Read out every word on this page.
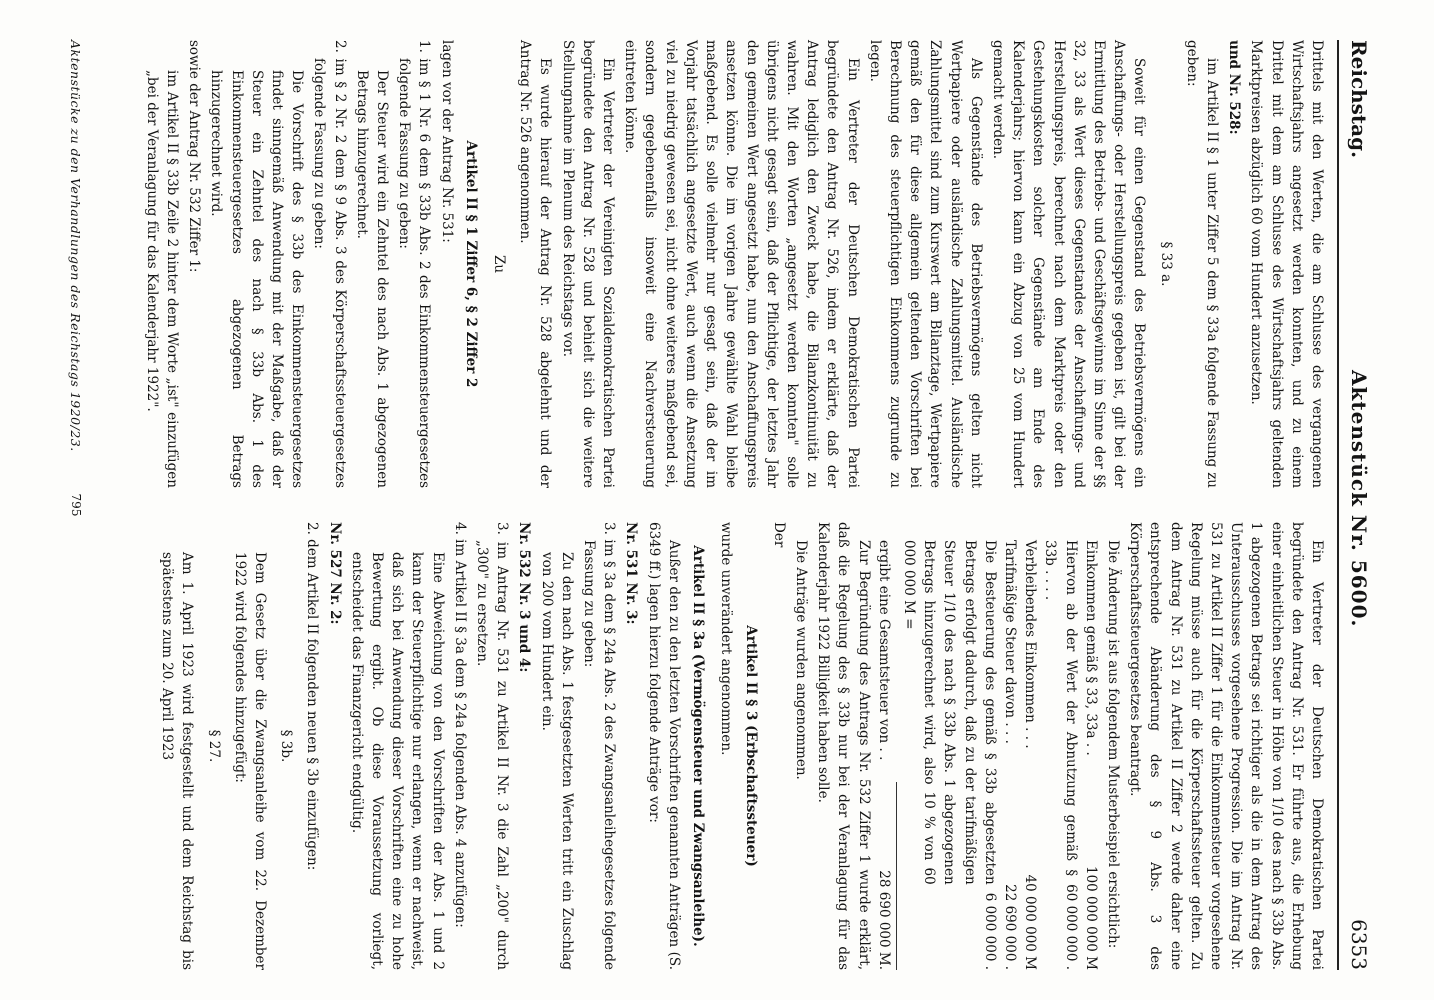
Reichstag.
Aktenstück Nr. 5600.
6353

Drittels mit den Werten, die am Schlusse des vergangenen Wirtschaftsjahrs angesetzt werden konnten, und zu einem Drittel mit dem am Schlusse des Wirtschaftsjahrs geltenden Marktpreisen abzüglich 60 vom Hundert anzusetzen.

und Nr. 528:

im Artikel II § 1 unter Ziffer 5 dem § 33a folgende Fassung zu geben:

§ 33 a.

Soweit für einen Gegenstand des Betriebsvermögens ein Anschaffungs- oder Herstellungspreis gegeben ist, gilt bei der Ermittlung des Betriebs- und Geschäftsgewinns im Sinne der §§ 32, 33 als Wert dieses Gegenstandes der Anschaffungs- und Herstellungspreis, berechnet nach dem Marktpreis oder den Gestehungskosten solcher Gegenstände am Ende des Kalenderjahrs; hiervon kann ein Abzug von 25 vom Hundert gemacht werden.

Als Gegenstände des Betriebsvermögens gelten nicht Wertpapiere oder ausländische Zahlungsmittel. Ausländische Zahlungsmittel sind zum Kurswert am Bilanztage, Wertpapiere gemäß den für diese allgemein geltenden Vorschriften bei Berechnung des steuerpflichtigen Einkommens zugrunde zu legen.

Ein Vertreter der Deutschen Demokratischen Partei begründete den Antrag Nr. 526, indem er erklärte, daß der Antrag lediglich den Zweck habe, die Bilanzkontinuität zu wahren. Mit den Worten „angesetzt werden konnten" solle übrigens nicht gesagt sein, daß der Pflichtige, der letztes Jahr den gemeinen Wert angesetzt habe, nun den Anschaffungspreis ansetzen könne. Die im vorigen Jahre gewählte Wahl bleibe maßgebend. Es solle vielmehr nur gesagt sein, daß der im Vorjahr tatsächlich angesetzte Wert, auch wenn die Ansetzung viel zu niedrig gewesen sei, nicht ohne weiteres maßgebend sei, sondern gegebenenfalls insoweit eine Nachversteuerung eintreten könne.

Ein Vertreter der Vereinigten Sozialdemokratischen Partei begründete den Antrag Nr. 528 und behielt sich die weitere Stellungnahme im Plenum des Reichstags vor.

Es wurde hierauf der Antrag Nr. 528 abgelehnt und der Antrag Nr. 526 angenommen.

Zu

Artikel II § 1 Ziffer 6, § 2 Ziffer 2

lagen vor der Antrag Nr. 531:

1. im § 1 Nr. 6 dem § 33b Abs. 2 des Einkommensteuergesetzes folgende Fassung zu geben:

Der Steuer wird ein Zehntel des nach Abs. 1 abgezogenen Betrags hinzugerechnet.

2. im § 2 Nr. 2 dem § 9 Abs. 3 des Körperschaftssteuergesetzes folgende Fassung zu geben:

Die Vorschrift des § 33b des Einkommensteuergesetzes findet sinngemäß Anwendung mit der Maßgabe, daß der Steuer ein Zehntel des nach § 33b Abs. 1 des Einkommensteuergesetzes abgezogenen Betrags hinzugerechnet wird.

sowie der Antrag Nr. 532 Ziffer 1:

im Artikel II § 33b Zeile 2 hinter dem Worte „ist" einzufügen „bei der Veranlagung für das Kalenderjahr 1922".

Ein Vertreter der Deutschen Demokratischen Partei begründete den Antrag Nr. 531. Er führte aus, die Erhebung einer einheitlichen Steuer in Höhe von 1/10 des nach § 33b Abs. 1 abgezogenen Betrags sei richtiger als die in dem Antrag des Unterausschusses vorgesehene Progression. Die im Antrag Nr. 531 zu Artikel II Ziffer 1 für die Einkommensteuer vorgesehene Regelung müsse auch für die Körperschaftssteuer gelten. Zu dem Antrag Nr. 531 zu Artikel II Ziffer 2 werde daher eine entsprechende Abänderung des § 9 Abs. 3 des Körperschaftssteuergesetzes beantragt.

Die Änderung ist aus folgendem Musterbeispiel ersichtlich:

Einkommen gemäß § 33, 33a . .
100 000 000 M
Hiervon ab der Wert der Abnutzung gemäß § 33b . . . .
60 000 000 .
Verbleibendes Einkommen . . .
40 000 000 M
Tarifmäßige Steuer davon . . .
22 690 000 .
Die Besteuerung des gemäß § 33b abgesetzten Betrags erfolgt dadurch, daß zu der tarifmäßigen Steuer 1/10 des nach § 33b Abs. 1 abgezogenen Betrags hinzugerechnet wird, also 10 % von 60 000 000 M =
6 000 000 .
ergibt eine Gesamtsteuer von . .
28 690 000 M.

Zur Begründung des Antrags Nr. 532 Ziffer 1 wurde erklärt, daß die Regelung des § 33b nur bei der Veranlagung für das Kalenderjahr 1922 Billigkeit haben solle.

Die Anträge wurden angenommen.

Der

Artikel II § 3 (Erbschaftssteuer)

wurde unverändert angenommen.

Artikel II § 3a (Vermögensteuer und Zwangsanleihe).

Außer den zu den letzten Vorschriften genannten Anträgen (S. 6349 ff.) lagen hierzu folgende Anträge vor:

Nr. 531 Nr. 3:

3. im § 3a dem § 24a Abs. 2 des Zwangsanleihegesetzes folgende Fassung zu geben:

Zu den nach Abs. 1 festgesetzten Werten tritt ein Zuschlag von 200 vom Hundert ein.

Nr. 532 Nr. 3 und 4:

3. im Antrag Nr. 531 zu Artikel II Nr. 3 die Zahl „200" durch „300" zu ersetzen.

4. im Artikel II § 3a dem § 24a folgenden Abs. 4 anzufügen:

Eine Abweichung von den Vorschriften der Abs. 1 und 2 kann der Steuerpflichtige nur erlangen, wenn er nachweist, daß sich bei Anwendung dieser Vorschriften eine zu hohe Bewertung ergibt. Ob diese Voraussetzung vorliegt, entscheidet das Finanzgericht endgültig.

Nr. 527 Nr. 2:

2. dem Artikel II folgenden neuen § 3b einzufügen:

§ 3b.

Dem Gesetz über die Zwangsanleihe vom 22. Dezember 1922 wird folgendes hinzugefügt:

§ 27.

Am 1. April 1923 wird festgestellt und dem Reichstag bis spätestens zum 20. April 1923

Aktenstücke zu den Verhandlungen des Reichstags 1920/23.
795
